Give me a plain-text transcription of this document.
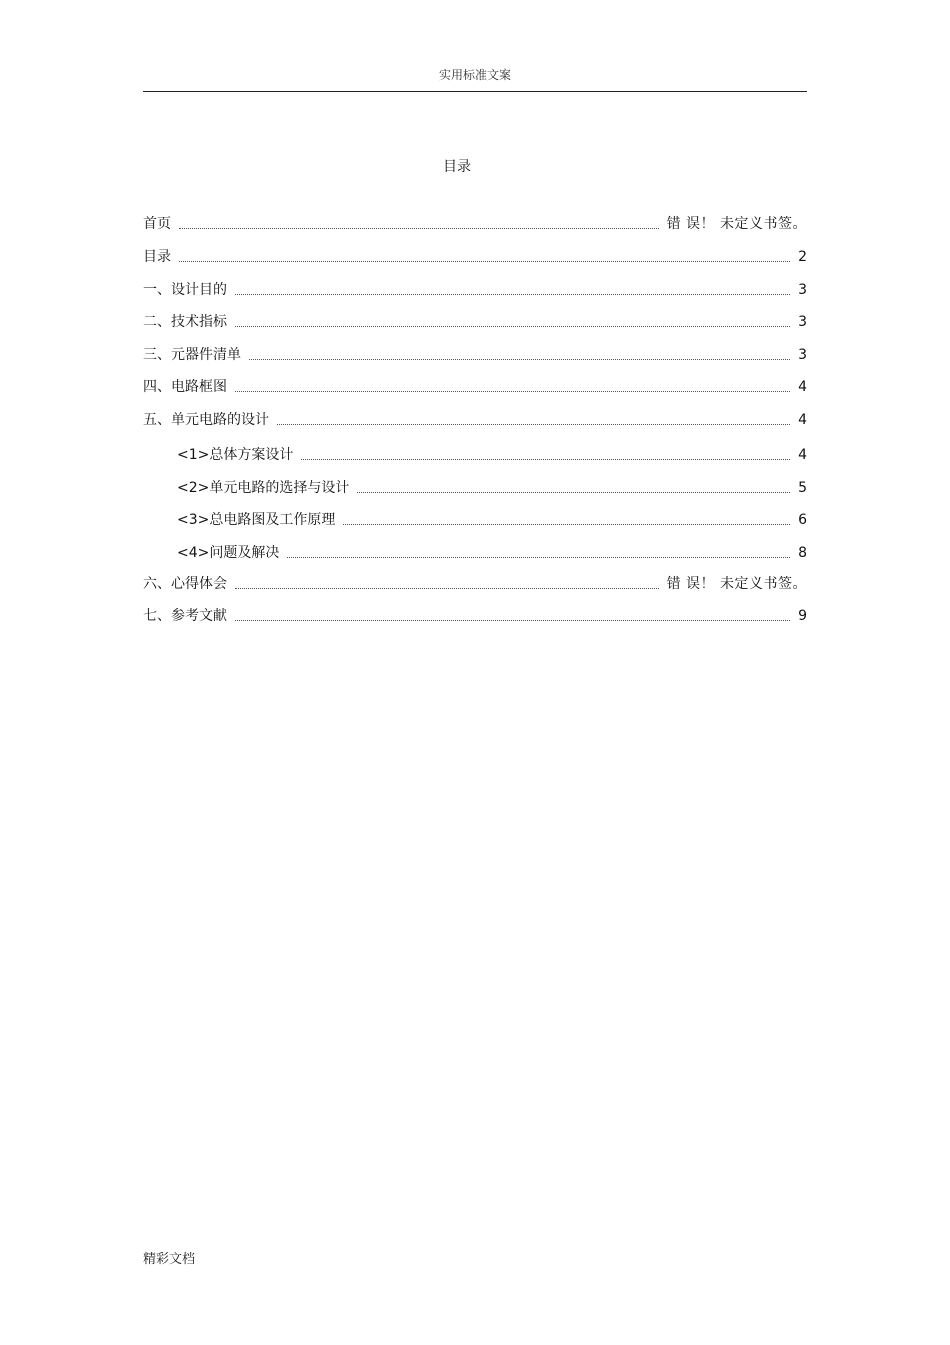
实用标准文案
目录
首页	错 误！ 未定义书签。
目录	2
一、设计目的	3
二、技术指标	3
三、元器件清单	3
四、电路框图	4
五、单元电路的设计	4
<1>总体方案设计	4
<2>单元电路的选择与设计	5
<3>总电路图及工作原理	6
<4>问题及解决	8
六、心得体会	错 误！ 未定义书签。
七、参考文献	9
精彩文档
